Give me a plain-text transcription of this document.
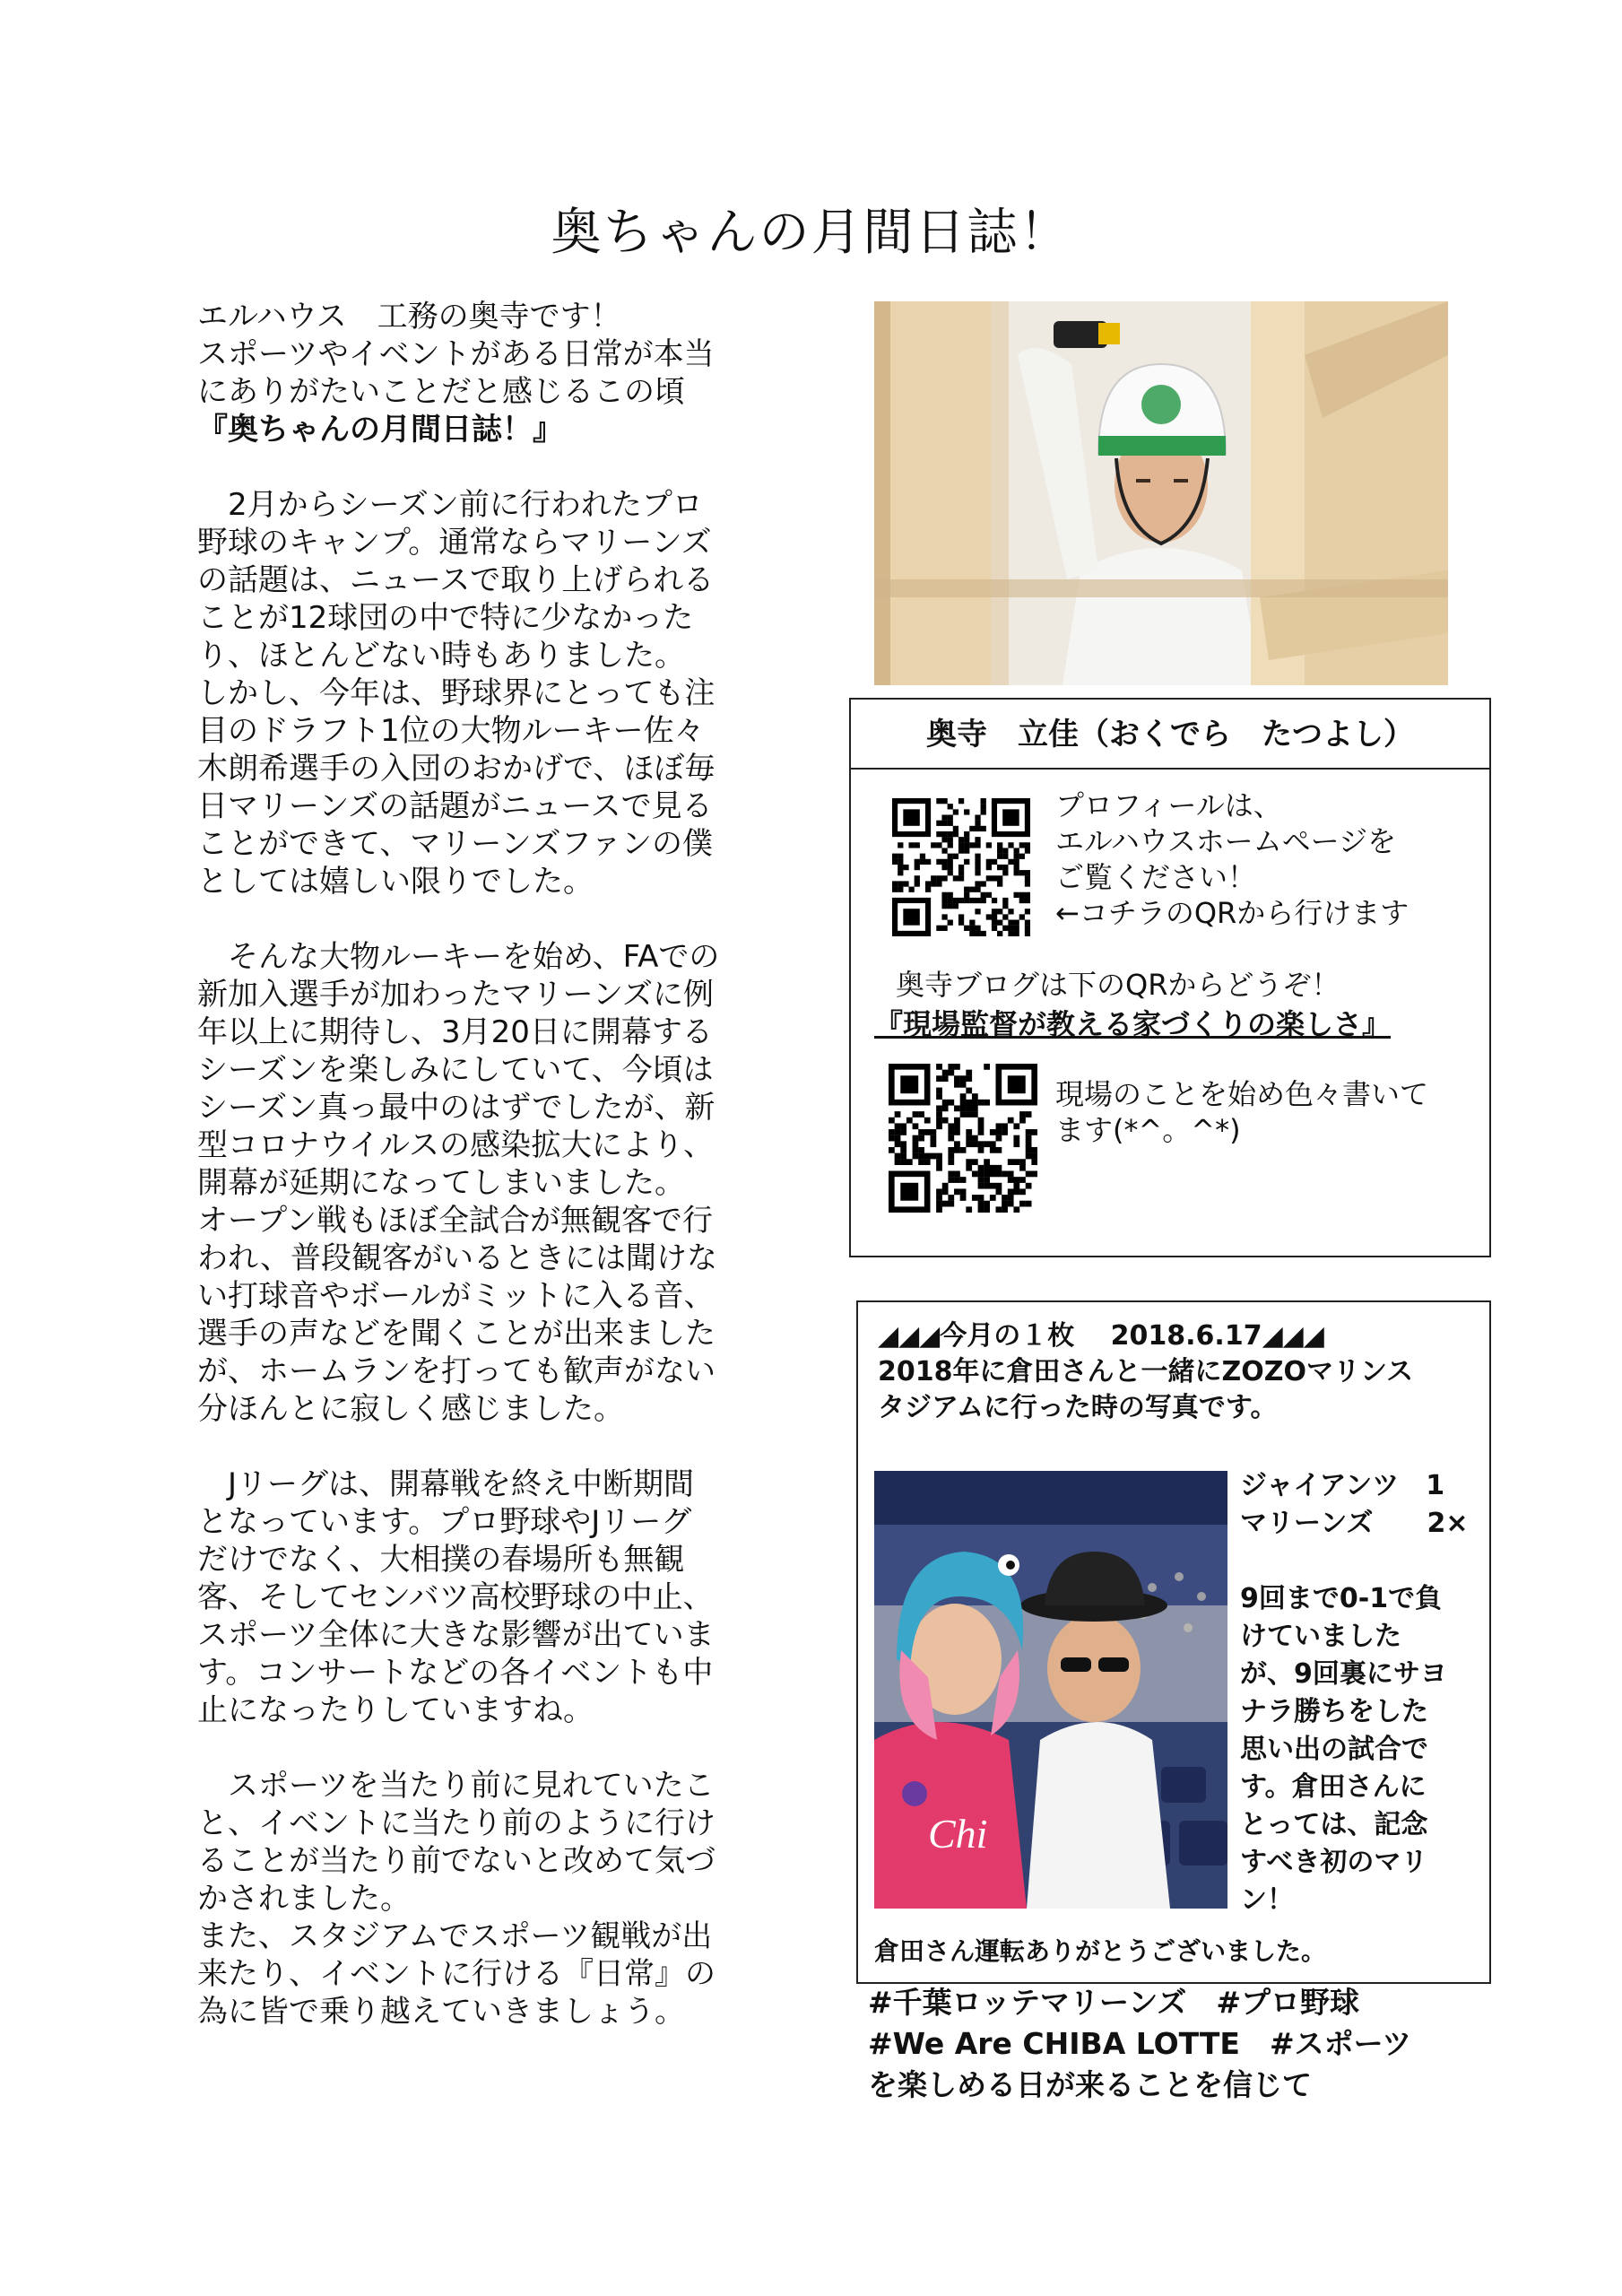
奥ちゃんの月間日誌！

エルハウス　工務の奥寺です！
スポーツやイベントがある日常が本当
にありがたいことだと感じるこの頃

『奥ちゃんの月間日誌！』

　2月からシーズン前に行われたプロ
野球のキャンプ。通常ならマリーンズ
の話題は、ニュースで取り上げられる
ことが12球団の中で特に少なかった
り、ほとんどない時もありました。
しかし、今年は、野球界にとっても注
目のドラフト1位の大物ルーキー佐々
木朗希選手の入団のおかげで、ほぼ毎
日マリーンズの話題がニュースで見る
ことができて、マリーンズファンの僕
としては嬉しい限りでした。

　そんな大物ルーキーを始め、FAでの
新加入選手が加わったマリーンズに例
年以上に期待し、3月20日に開幕する
シーズンを楽しみにしていて、今頃は
シーズン真っ最中のはずでしたが、新
型コロナウイルスの感染拡大により、
開幕が延期になってしまいました。
オープン戦もほぼ全試合が無観客で行
われ、普段観客がいるときには聞けな
い打球音やボールがミットに入る音、
選手の声などを聞くことが出来ました
が、ホームランを打っても歓声がない
分ほんとに寂しく感じました。

　Jリーグは、開幕戦を終え中断期間
となっています。プロ野球やJリーグ
だけでなく、大相撲の春場所も無観
客、そしてセンバツ高校野球の中止、
スポーツ全体に大きな影響が出ていま
す。コンサートなどの各イベントも中
止になったりしていますね。

　スポーツを当たり前に見れていたこ
と、イベントに当たり前のように行け
ることが当たり前でないと改めて気づ
かされました。
また、スタジアムでスポーツ観戦が出
来たり、イベントに行ける『日常』の
為に皆で乗り越えていきましょう。

奥寺　立佳（おくでら　たつよし）
プロフィールは、
エルハウスホームページを
ご覧ください！
←コチラのQRから行けます
奥寺ブログは下のQRからどうぞ！
『現場監督が教える家づくりの楽しさ』
現場のことを始め色々書いて
ます(*^。^*)
◢◢◢今月の１枚　 2018.6.17◢◢◢
2018年に倉田さんと一緒にZOZOマリンス
タジアムに行った時の写真です。
Chi
ジャイアンツ　1
マリーンズ　　2×

9回まで0-1で負
けていました
が、9回裏にサヨ
ナラ勝ちをした
思い出の試合で
す。倉田さんに
とっては、記念
すべき初のマリ
ン！
倉田さん運転ありがとうございました。
#千葉ロッテマリーンズ　#プロ野球
#We Are CHIBA LOTTE　#スポーツ
を楽しめる日が来ることを信じて
